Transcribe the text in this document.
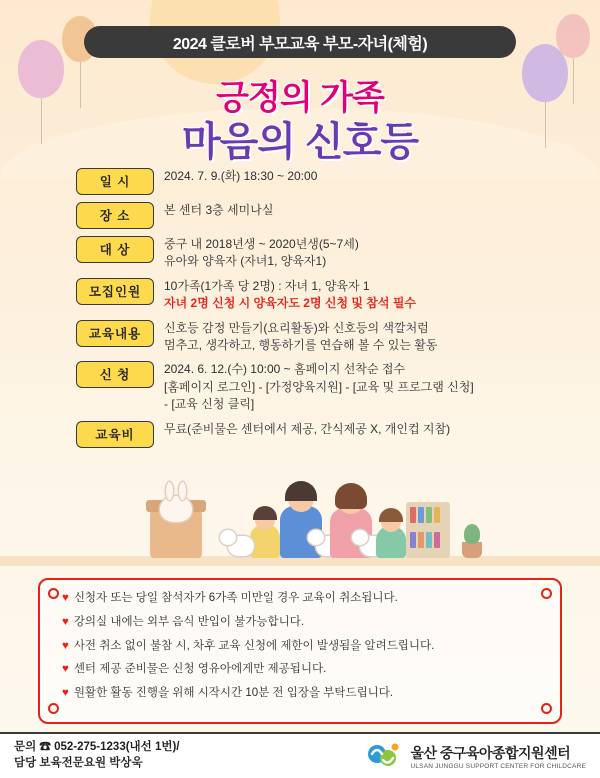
2024 클로버 부모교육 부모-자녀(체험)
긍정의 가족
마음의 신호등
일 시	2024. 7. 9.(화) 18:30 ~ 20:00
장 소	본 센터 3층 세미나실
대 상	중구 내 2018년생 ~ 2020년생(5~7세)
유아와 양육자 (자녀1, 양육자1)
모집인원	10가족(1가족 당 2명) : 자녀 1, 양육자 1
자녀 2명 신청 시 양육자도 2명 신청 및 참석 필수
교육내용	신호등 감정 만들기(요리활동)와 신호등의 색깔처럼
멈추고, 생각하고, 행동하기를 연습해 볼 수 있는 활동
신 청	2024. 6. 12.(수) 10:00 ~ 홈페이지 선착순 접수
[홈페이지 로그인] - [가정양육지원] - [교육 및 프로그램 신청]
- [교육 신청 클릭]
교육비	무료(준비물은 센터에서 제공, 간식제공 X, 개인컵 지참)
♥ 신청자 또는 당일 참석자가 6가족 미만일 경우 교육이 취소됩니다.
♥ 강의실 내에는 외부 음식 반입이 불가능합니다.
♥ 사전 취소 없이 불참 시, 차후 교육 신청에 제한이 발생됨을 알려드립니다.
♥ 센터 제공 준비물은 신청 영유아에게만 제공됩니다.
♥ 원활한 활동 진행을 위해 시작시간 10분 전 입장을 부탁드립니다.
문의 ☎ 052-275-1233(내선 1번)/
담당 보육전문요원 박상욱
울산 중구육아종합지원센터
ULSAN JUNGGU SUPPORT CENTER FOR CHILDCARE
